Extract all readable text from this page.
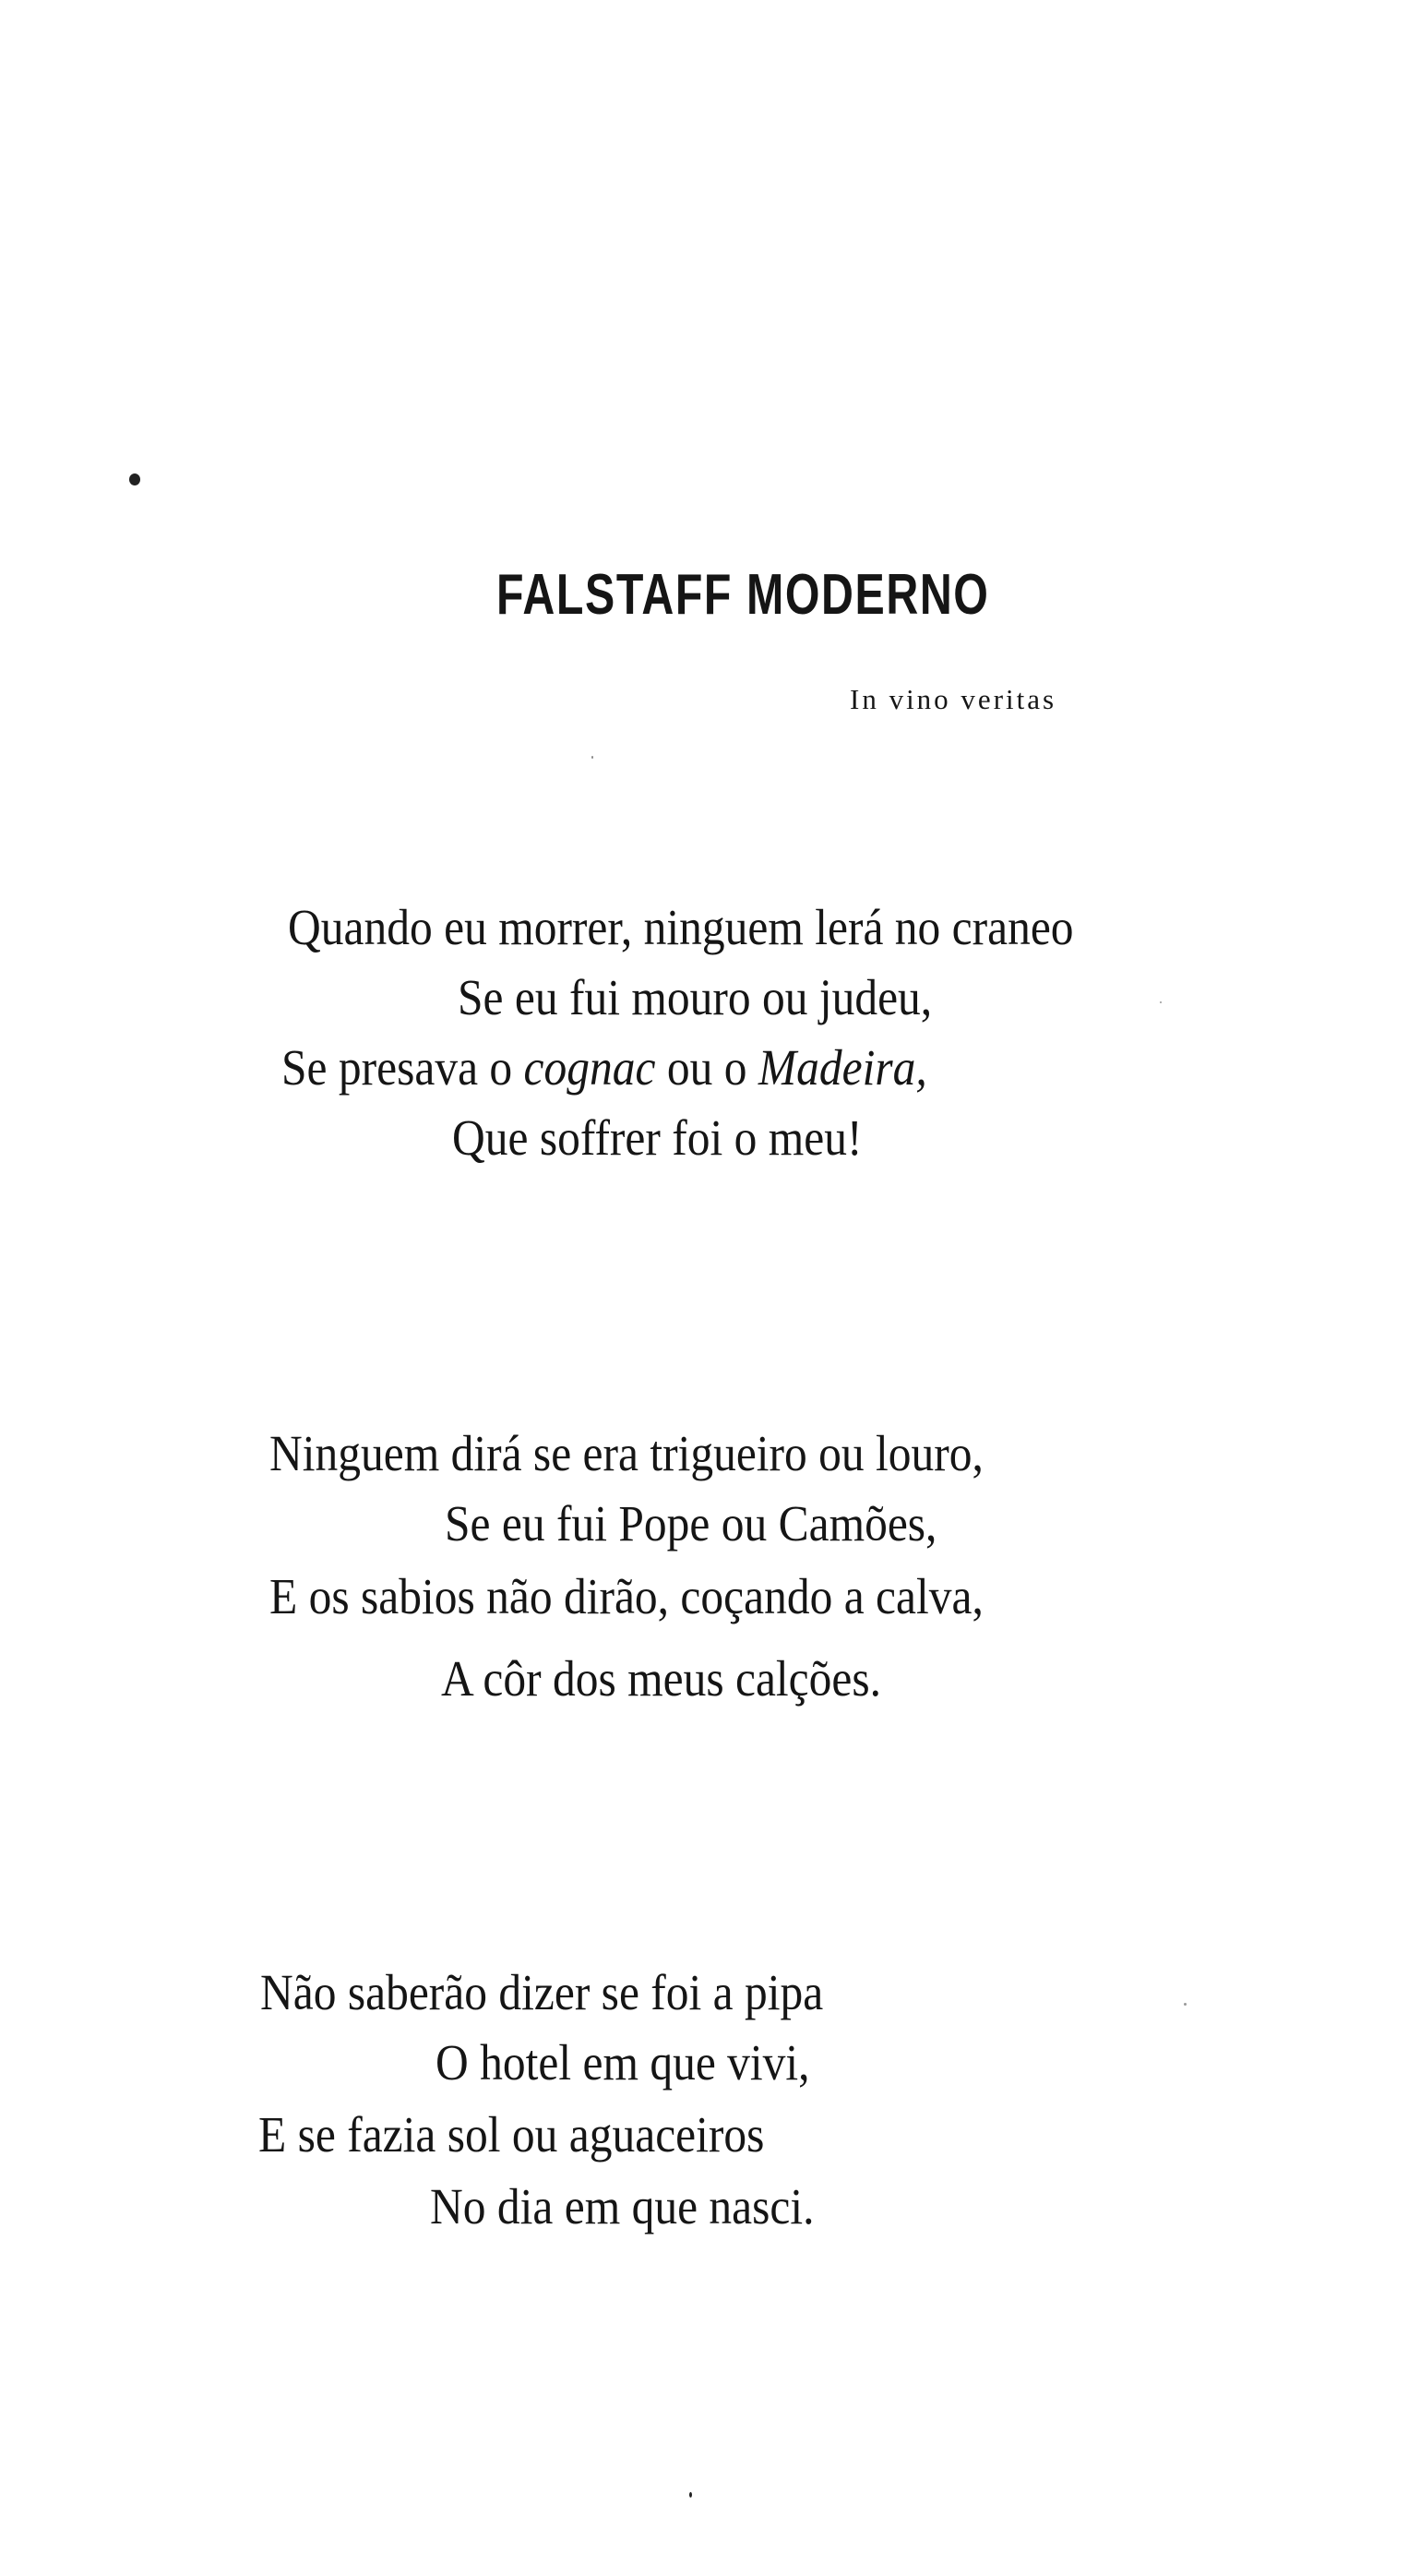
FALSTAFF MODERNO
In vino veritas
Quando eu morrer, ninguem lerá no craneo
Se eu fui mouro ou judeu,
Se presava o cognac ou o Madeira,
Que soffrer foi o meu!
Ninguem dirá se era trigueiro ou louro,
Se eu fui Pope ou Camões,
E os sabios não dirão, coçando a calva,
A côr dos meus calções.
Não saberão dizer se foi a pipa
O hotel em que vivi,
E se fazia sol ou aguaceiros
No dia em que nasci.
